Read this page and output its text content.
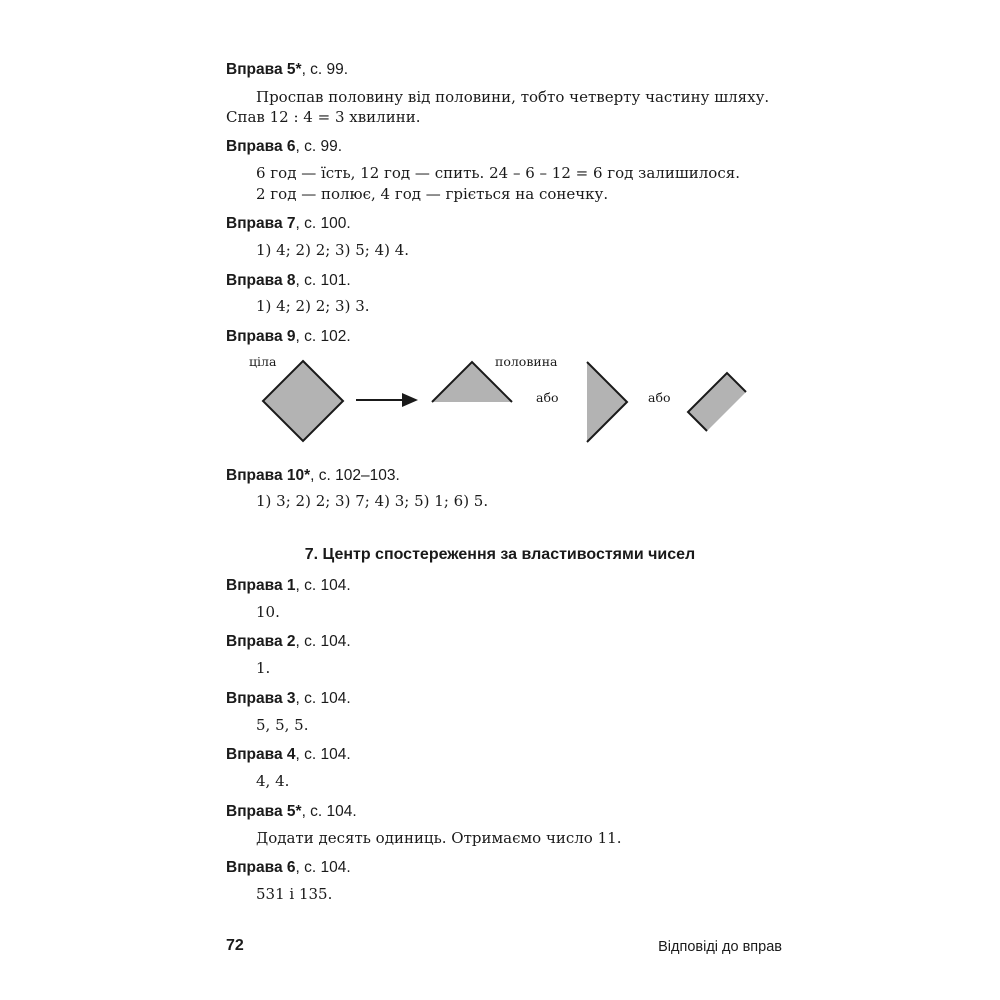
Вправа 5*, с. 99.
Проспав половину від половини, тобто четверту частину шляху.
Спав 12 : 4 = 3 хвилини.
Вправа 6, с. 99.
6 год — їсть, 12 год — спить. 24 – 6 – 12 = 6 год залишилося.
2 год — полює, 4 год — гріється на сонечку.
Вправа 7, с. 100.
1) 4; 2) 2; 3) 5; 4) 4.
Вправа 8, с. 101.
1) 4; 2) 2; 3) 3.
Вправа 9, с. 102.
ціла	половина
або	або
Вправа 10*, с. 102–103.
1) 3; 2) 2; 3) 7; 4) 3; 5) 1; 6) 5.
7. Центр спостереження за властивостями чисел
Вправа 1, с. 104.
10.
Вправа 2, с. 104.
1.
Вправа 3, с. 104.
5, 5, 5.
Вправа 4, с. 104.
4, 4.
Вправа 5*, с. 104.
Додати десять одиниць. Отримаємо число 11.
Вправа 6, с. 104.
531 і 135.
72	Відповіді до вправ
